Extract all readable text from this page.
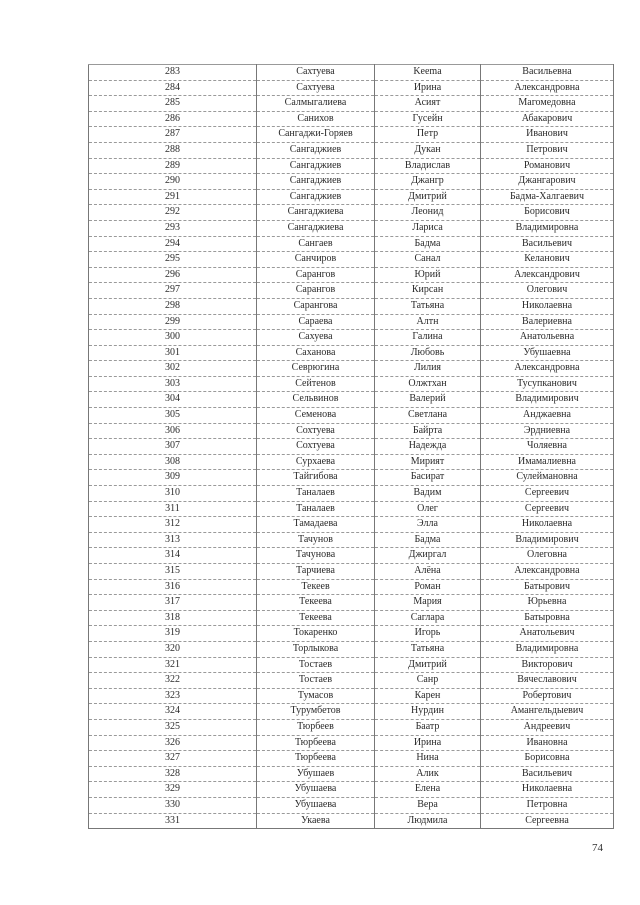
283	Сахтуева	Keema	Васильевна
284	Сахтуева	Ирина	Александровна
285	Салмыгалиева	Асият	Магомедовна
286	Санихов	Гусейн	Абакарович
287	Сангаджи-Горяев	Петр	Иванович
288	Сангаджиев	Дукан	Петрович
289	Сангаджиев	Владислав	Романович
290	Сангаджиев	Джангр	Джангарович
291	Сангаджиев	Дмитрий	Бадма-Халгаевич
292	Сангаджиева	Леонид	Борисович
293	Сангаджиева	Лариса	Владимировна
294	Сангаев	Бадма	Васильевич
295	Санчиров	Санал	Келанович
296	Сарангов	Юрий	Александрович
297	Сарангов	Кирсан	Олегович
298	Сарангова	Татьяна	Николаевна
299	Сараева	Алтн	Валериевна
300	Сахуева	Галина	Анатольевна
301	Саханова	Любовь	Убушаевна
302	Севрюгина	Лилия	Александровна
303	Сейтенов	Олжтхан	Тусупканович
304	Сельвинов	Валерий	Владимирович
305	Семенова	Светлана	Анджаевна
306	Сохтуева	Байрта	Эрдниевна
307	Сохтуева	Надежда	Чоляевна
308	Сурхаева	Мирият	Имамалиевна
309	Тайгибова	Басират	Сулеймановна
310	Таналаев	Вадим	Сергеевич
311	Таналаев	Олег	Сергеевич
312	Тамадаева	Элла	Николаевна
313	Тачунов	Бадма	Владимирович
314	Тачунова	Джиргал	Олеговна
315	Тарчиева	Алёна	Александровна
316	Текеев	Роман	Батырович
317	Текеева	Мария	Юрьевна
318	Текеева	Саглара	Батыровна
319	Токаренко	Игорь	Анатольевич
320	Торлыкова	Татьяна	Владимировна
321	Тостаев	Дмитрий	Викторович
322	Тостаев	Санр	Вячеславович
323	Тумасов	Карен	Робертович
324	Турумбетов	Нурдин	Амангельдыевич
325	Тюрбеев	Баатр	Андреевич
326	Тюрбеева	Ирина	Ивановна
327	Тюрбеева	Нина	Борисовна
328	Убушаев	Алик	Васильевич
329	Убушаева	Елена	Николаевна
330	Убушаева	Вера	Петровна
331	Укаева	Людмила	Сергеевна
74
